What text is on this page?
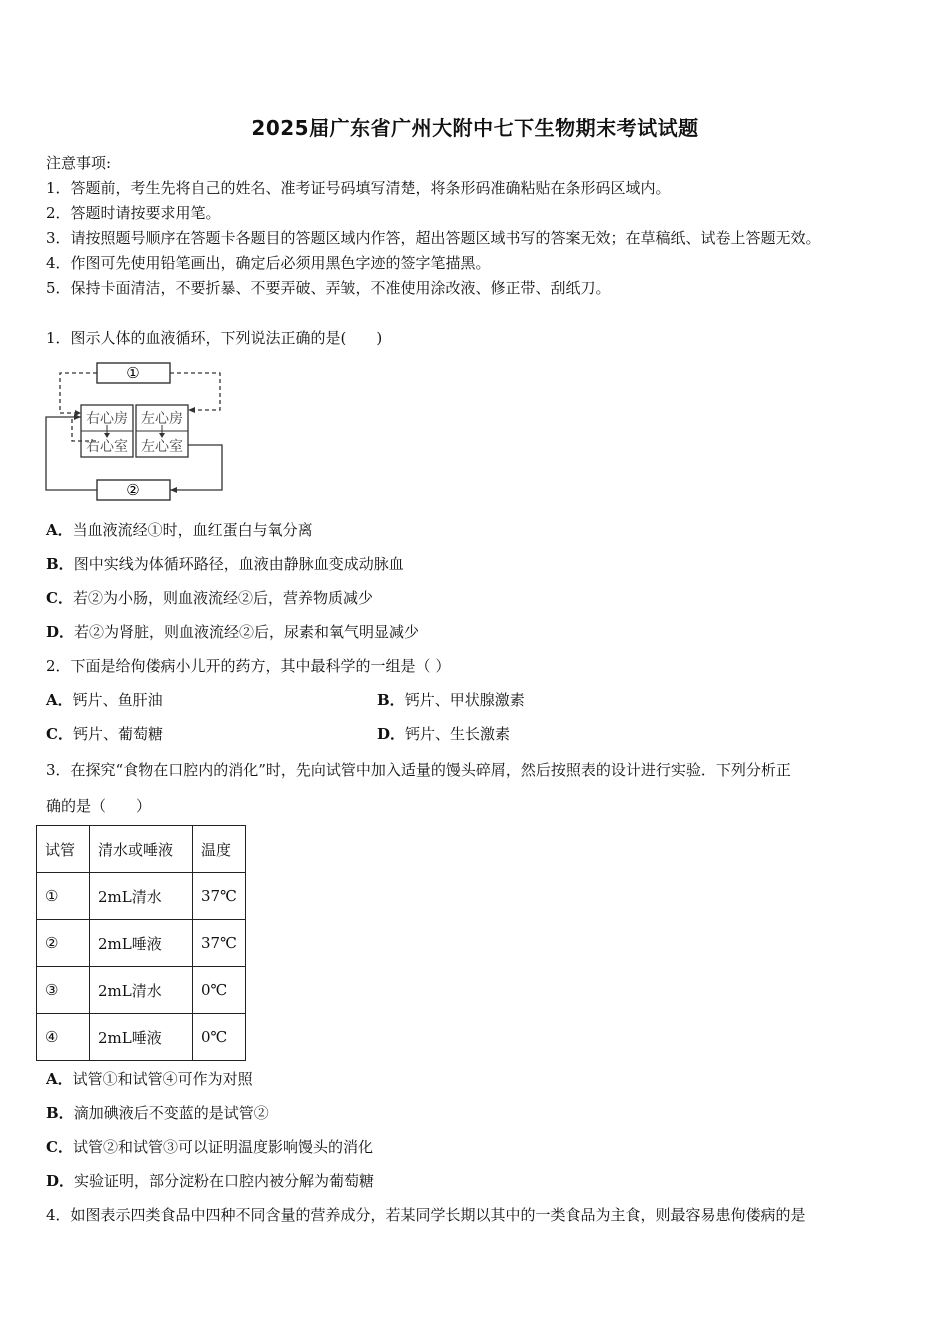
2025届广东省广州大附中七下生物期末考试试题
注意事项:
1．答题前，考生先将自己的姓名、准考证号码填写清楚，将条形码准确粘贴在条形码区域内。
2．答题时请按要求用笔。
3．请按照题号顺序在答题卡各题目的答题区域内作答，超出答题区域书写的答案无效；在草稿纸、试卷上答题无效。
4．作图可先使用铅笔画出，确定后必须用黑色字迹的签字笔描黑。
5．保持卡面清洁，不要折暴、不要弄破、弄皱，不准使用涂改液、修正带、刮纸刀。
1．图示人体的血液循环，下列说法正确的是(　　)
①
②
右心房
右心室
左心房
左心室
A．当血液流经①时，血红蛋白与氧分离
B．图中实线为体循环路径，血液由静脉血变成动脉血
C．若②为小肠，则血液流经②后，营养物质减少
D．若②为肾脏，则血液流经②后，尿素和氧气明显减少
2．下面是给佝偻病小儿开的药方，其中最科学的一组是（ ）
A．钙片、鱼肝油	B．钙片、甲状腺激素
C．钙片、葡萄糖	D．钙片、生长激素
3．在探究“食物在口腔内的消化”时，先向试管中加入适量的馒头碎屑，然后按照表的设计进行实验．下列分析正
确的是（　　）
试管	清水或唾液	温度
①	2mL清水	37℃
②	2mL唾液	37℃
③	2mL清水	0℃
④	2mL唾液	0℃
A．试管①和试管④可作为对照
B．滴加碘液后不变蓝的是试管②
C．试管②和试管③可以证明温度影响馒头的消化
D．实验证明，部分淀粉在口腔内被分解为葡萄糖
4．如图表示四类食品中四种不同含量的营养成分，若某同学长期以其中的一类食品为主食，则最容易患佝偻病的是
